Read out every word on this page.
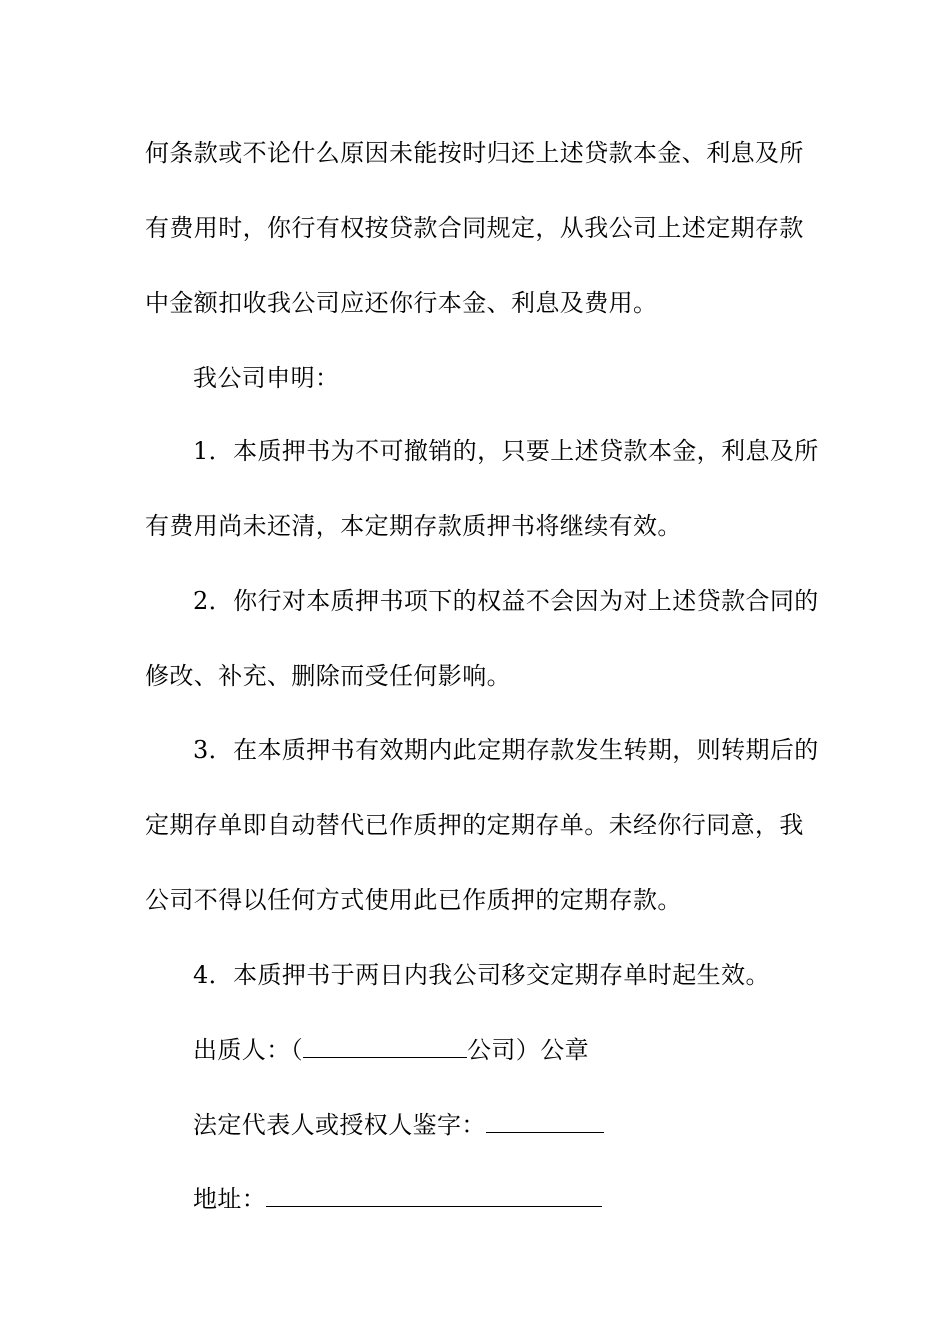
何条款或不论什么原因未能按时归还上述贷款本金、利息及所
有费用时，你行有权按贷款合同规定，从我公司上述定期存款
中金额扣收我公司应还你行本金、利息及费用。
我公司申明：
1．本质押书为不可撤销的，只要上述贷款本金，利息及所
有费用尚未还清，本定期存款质押书将继续有效。
2．你行对本质押书项下的权益不会因为对上述贷款合同的
修改、补充、删除而受任何影响。
3．在本质押书有效期内此定期存款发生转期，则转期后的
定期存单即自动替代已作质押的定期存单。未经你行同意，我
公司不得以任何方式使用此已作质押的定期存款。
4．本质押书于两日内我公司移交定期存单时起生效。
出质人：（	公司）公章
法定代表人或授权人鉴字：
地址：
